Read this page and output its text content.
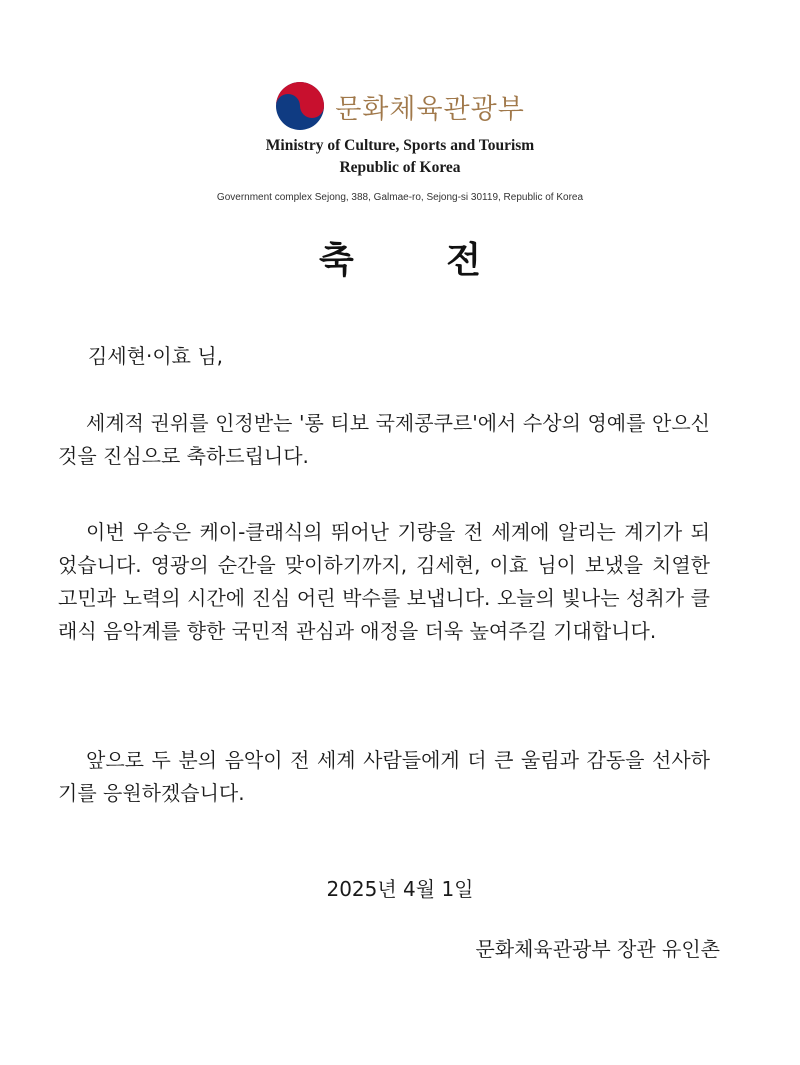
문화체육관광부
Ministry of Culture, Sports and Tourism
Republic of Korea
Government complex Sejong, 388, Galmae-ro, Sejong-si 30119, Republic of Korea
축 전
김세현·이효 님,
세계적 권위를 인정받는 '롱 티보 국제콩쿠르'에서 수상의 영예를 안으신 것을 진심으로 축하드립니다.
이번 우승은 케이-클래식의 뛰어난 기량을 전 세계에 알리는 계기가 되었습니다. 영광의 순간을 맞이하기까지, 김세현, 이효 님이 보냈을 치열한 고민과 노력의 시간에 진심 어린 박수를 보냅니다. 오늘의 빛나는 성취가 클래식 음악계를 향한 국민적 관심과 애정을 더욱 높여주길 기대합니다.
앞으로 두 분의 음악이 전 세계 사람들에게 더 큰 울림과 감동을 선사하기를 응원하겠습니다.
2025년 4월 1일
문화체육관광부 장관 유인촌
